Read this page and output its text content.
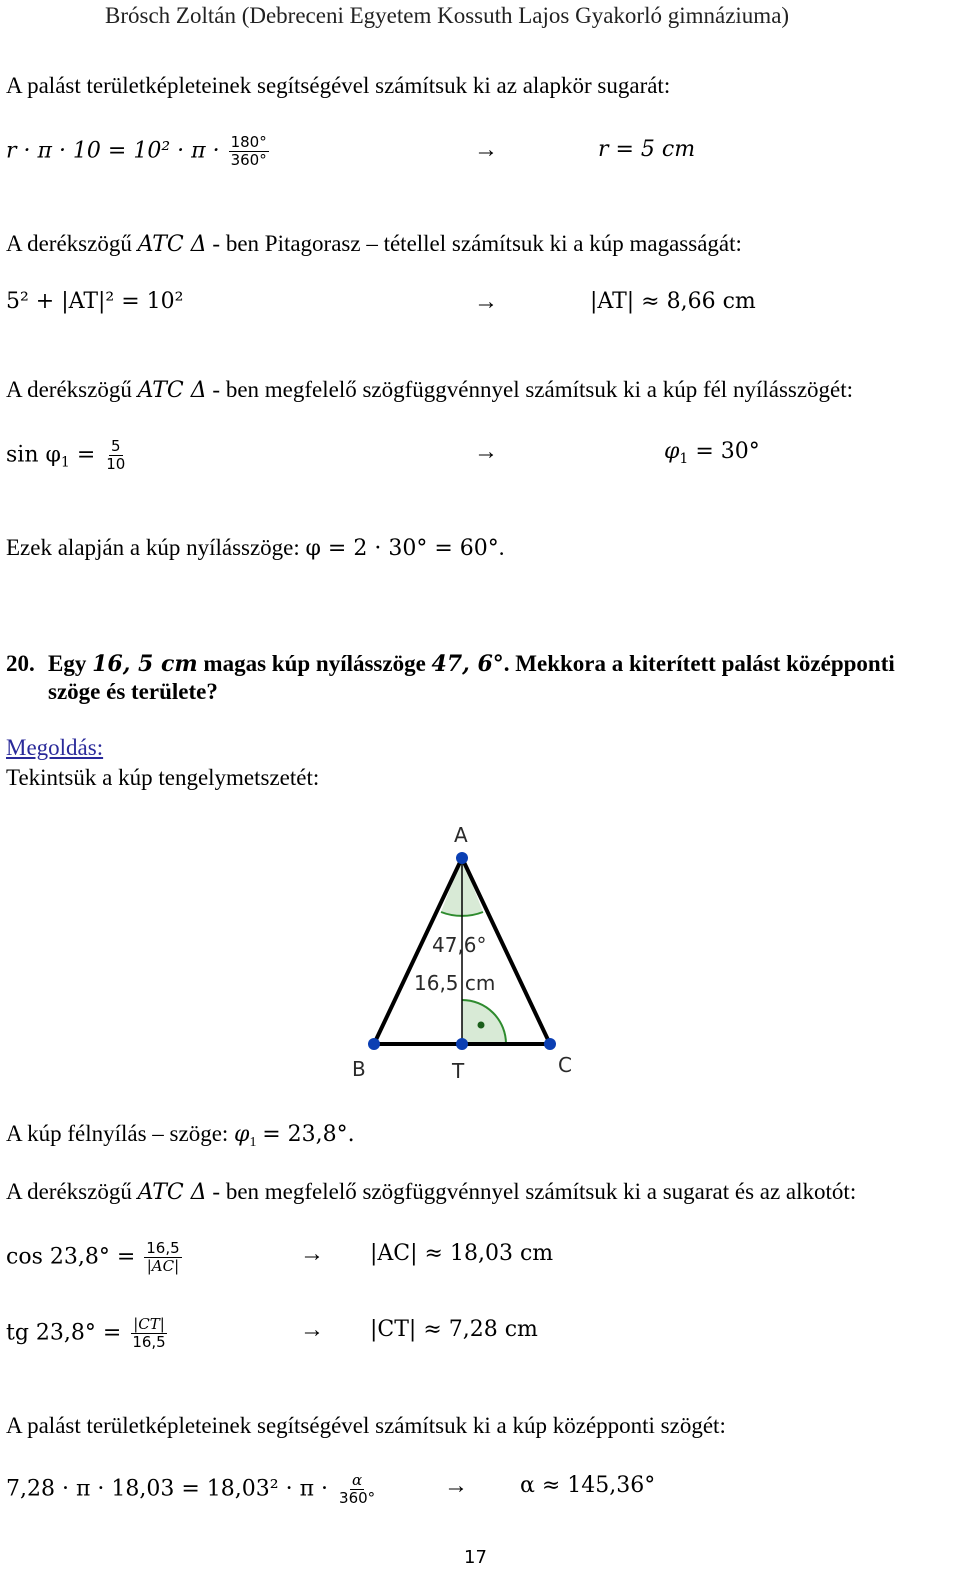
Brósch Zoltán (Debreceni Egyetem Kossuth Lajos Gyakorló gimnáziuma)
A palást területképleteinek segítségével számítsuk ki az alapkör sugarát:
$r \cdot \pi \cdot 10 = 10^2 \cdot \pi \cdot \frac{180^\circ}{360^\circ}$	→	r = 5 cm
A derékszögű ATC Δ - ben Pitagorasz – tétellel számítsuk ki a kúp magasságát:
5² + |AT|² = 10²	→	|AT| ≈ 8,66 cm
A derékszögű ATC Δ - ben megfelelő szögfüggvénnyel számítsuk ki a kúp fél nyílásszögét:
$\sin \varphi_1 = \frac{5}{10}$	→	$\varphi_1 = 30^\circ$
Ezek alapján a kúp nyílásszöge: φ = 2 · 30° = 60°.
20. Egy 16, 5 cm magas kúp nyílásszöge 47, 6°. Mekkora a kiterített palást középponti
szöge és területe?
Megoldás:
Tekintsük a kúp tengelymetszetét:
A
B	T	C
47,6°
16,5 cm
A kúp félnyílás – szöge: $\varphi_1 = 23,8^\circ$.
A derékszögű ATC Δ - ben megfelelő szögfüggvénnyel számítsuk ki a sugarat és az alkotót:
$\cos 23,8^\circ = \frac{16,5}{|AC|}$	→ |AC| ≈ 18,03 cm
tg $23,8^\circ = \frac{|CT|}{16,5}$	→ |CT| ≈ 7,28 cm
A palást területképleteinek segítségével számítsuk ki a kúp középponti szögét:
$7,28 \cdot \pi \cdot 18,03 = 18,03^2 \cdot \pi \cdot \frac{\alpha}{360^\circ}$	→ α ≈ 145,36°
17
